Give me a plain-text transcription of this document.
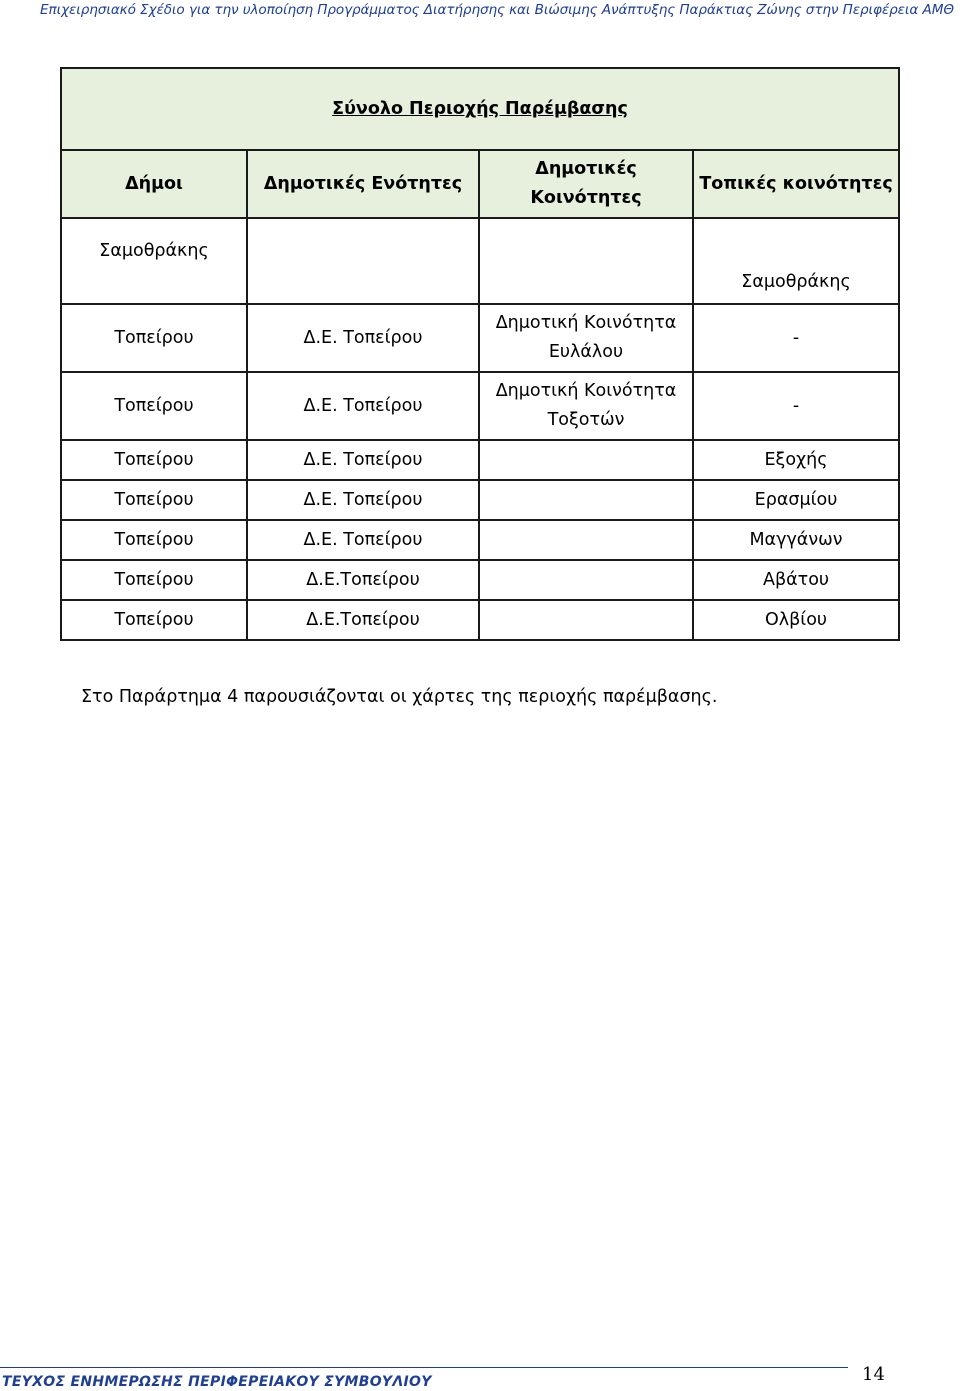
Επιχειρησιακό Σχέδιο για την υλοποίηση Προγράμματος Διατήρησης και Βιώσιμης Ανάπτυξης Παράκτιας Ζώνης στην Περιφέρεια ΑΜΘ
Σύνολο Περιοχής Παρέμβασης			
Δήμοι	Δημοτικές Ενότητες	Δημοτικές Κοινότητες	Τοπικές κοινότητες
Σαμοθράκης			Σαμοθράκης
Τοπείρου	Δ.Ε. Τοπείρου	Δημοτική Κοινότητα Ευλάλου	-
Τοπείρου	Δ.Ε. Τοπείρου	Δημοτική Κοινότητα Τοξοτών	-
Τοπείρου	Δ.Ε. Τοπείρου		Εξοχής
Τοπείρου	Δ.Ε. Τοπείρου		Ερασμίου
Τοπείρου	Δ.Ε. Τοπείρου		Μαγγάνων
Τοπείρου	Δ.Ε.Τοπείρου		Αβάτου
Τοπείρου	Δ.Ε.Τοπείρου		Ολβίου
Στο Παράρτημα 4 παρουσιάζονται οι χάρτες της περιοχής παρέμβασης.
ΤΕΥΧΟΣ ΕΝΗΜΕΡΩΣΗΣ ΠΕΡΙΦΕΡΕΙΑΚΟΥ ΣΥΜΒΟΥΛΙΟΥ	14
